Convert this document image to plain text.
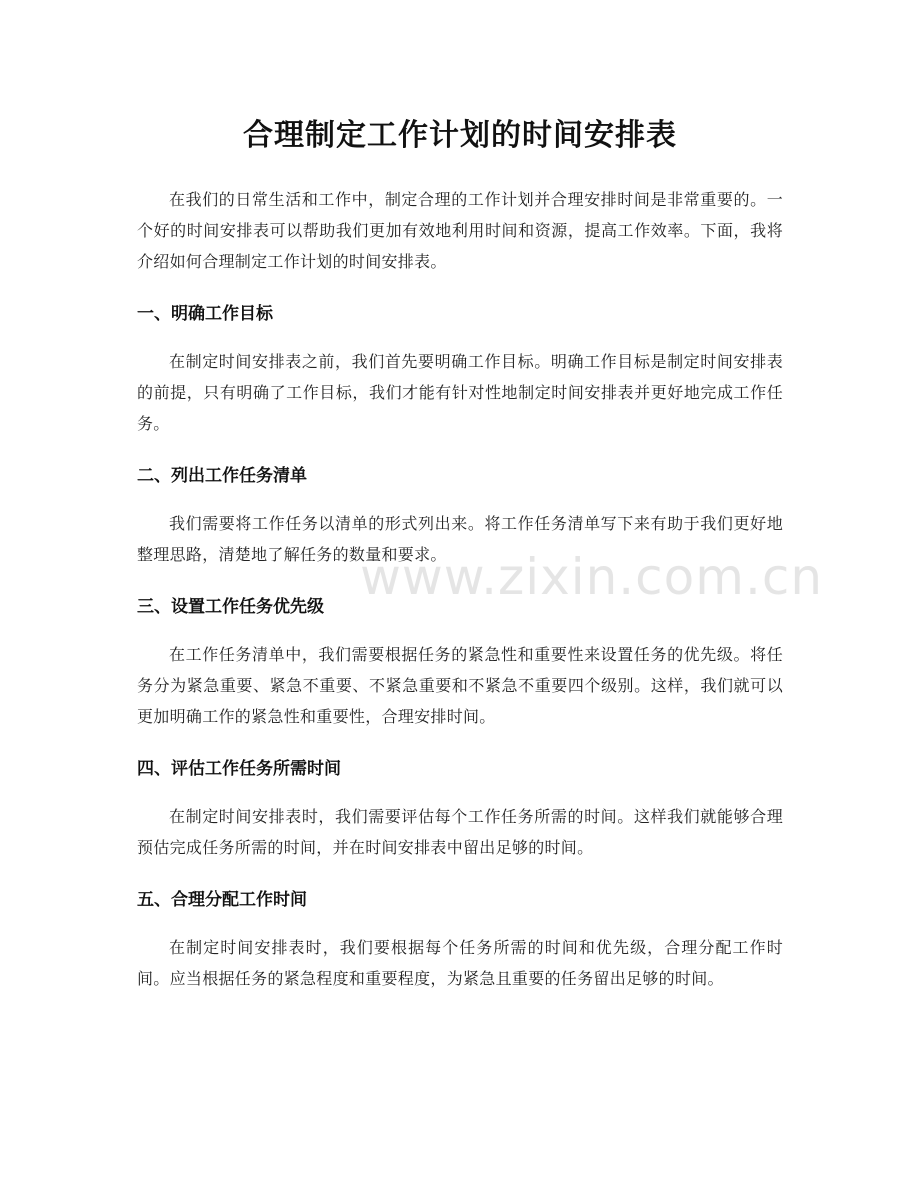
合理制定工作计划的时间安排表

在我们的日常生活和工作中，制定合理的工作计划并合理安排时间是非常重要的。一个好的时间安排表可以帮助我们更加有效地利用时间和资源，提高工作效率。下面，我将介绍如何合理制定工作计划的时间安排表。

一、明确工作目标

在制定时间安排表之前，我们首先要明确工作目标。明确工作目标是制定时间安排表的前提，只有明确了工作目标，我们才能有针对性地制定时间安排表并更好地完成工作任务。

二、列出工作任务清单

我们需要将工作任务以清单的形式列出来。将工作任务清单写下来有助于我们更好地整理思路，清楚地了解任务的数量和要求。

三、设置工作任务优先级

在工作任务清单中，我们需要根据任务的紧急性和重要性来设置任务的优先级。将任务分为紧急重要、紧急不重要、不紧急重要和不紧急不重要四个级别。这样，我们就可以更加明确工作的紧急性和重要性，合理安排时间。

四、评估工作任务所需时间

在制定时间安排表时，我们需要评估每个工作任务所需的时间。这样我们就能够合理预估完成任务所需的时间，并在时间安排表中留出足够的时间。

五、合理分配工作时间

在制定时间安排表时，我们要根据每个任务所需的时间和优先级，合理分配工作时间。应当根据任务的紧急程度和重要程度，为紧急且重要的任务留出足够的时间。

www.zixin.com.cn
